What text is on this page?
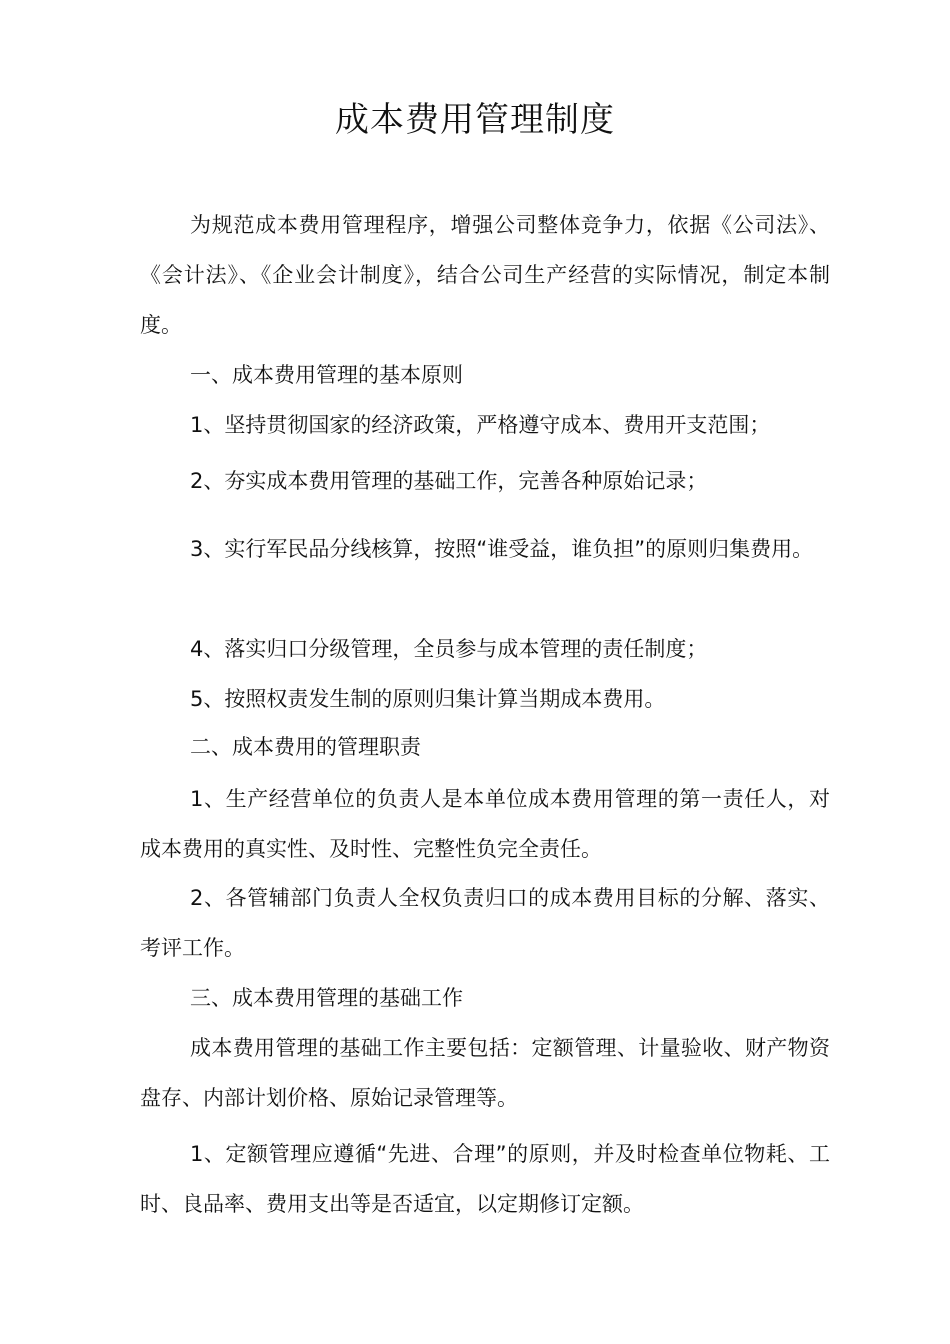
成本费用管理制度

为规范成本费用管理程序，增强公司整体竞争力，依据《公司法》、《会计法》、《企业会计制度》，结合公司生产经营的实际情况，制定本制度。

一、成本费用管理的基本原则

1、坚持贯彻国家的经济政策，严格遵守成本、费用开支范围；

2、夯实成本费用管理的基础工作，完善各种原始记录；

3、实行军民品分线核算，按照“谁受益，谁负担”的原则归集费用。

4、落实归口分级管理，全员参与成本管理的责任制度；

5、按照权责发生制的原则归集计算当期成本费用。

二、成本费用的管理职责

1、生产经营单位的负责人是本单位成本费用管理的第一责任人，对成本费用的真实性、及时性、完整性负完全责任。

2、各管辅部门负责人全权负责归口的成本费用目标的分解、落实、考评工作。

三、成本费用管理的基础工作

成本费用管理的基础工作主要包括：定额管理、计量验收、财产物资盘存、内部计划价格、原始记录管理等。

1、定额管理应遵循“先进、合理”的原则，并及时检查单位物耗、工时、良品率、费用支出等是否适宜，以定期修订定额。
